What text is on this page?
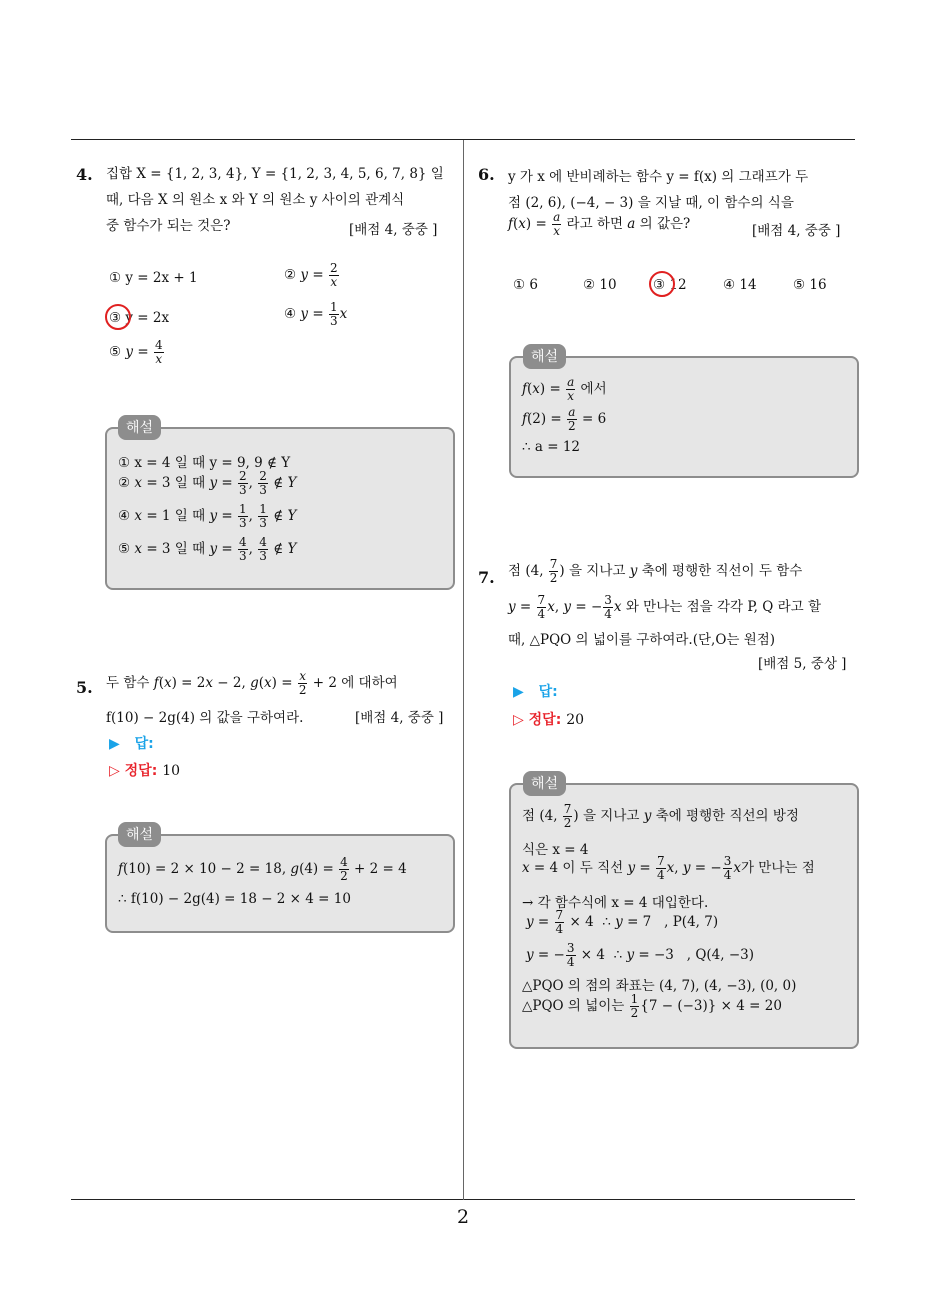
4. 집합 X = {1, 2, 3, 4}, Y = {1, 2, 3, 4, 5, 6, 7, 8} 일
때, 다음 X 의 원소 x 와 Y 의 원소 y 사이의 관계식
중 함수가 되는 것은?	[배점 4, 중중 ]
① y = 2x + 1	② $y = \frac{2}{x}$
③ y = 2x	④ $y = \frac{1}{3}$ x
⑤ $y = \frac{4}{x}$
해설
① x = 4 일 때 y = 9, 9 ∉ Y
② x = 3 일 때 $y = \frac{2}{3}$ , $\frac{2}{3}$ ∉ Y
④ x = 1 일 때 $y = \frac{1}{3}$ , $\frac{1}{3}$ ∉ Y
⑤ x = 3 일 때 $y = \frac{4}{3}$ , $\frac{4}{3}$ ∉ Y
5. 두 함수 f(x) = 2x − 2, $g(x) = \frac{x}{2} + 2$ 에 대하여
f(10) − 2g(4) 의 값을 구하여라.	[배점 4, 중중 ]
▶ 답:
▷ 정답: 10
해설
f(10) = 2 × 10 − 2 = 18, $g(4) = \frac{4}{2} + 2 = 4$
∴ f(10) − 2g(4) = 18 − 2 × 4 = 10
6. y 가 x 에 반비례하는 함수 y = f(x) 의 그래프가 두
점 (2, 6), (−4, − 3) 을 지날 때, 이 함수의 식을
$f(x) = \frac{a}{x}$ 라고 하면 a 의 값은?	[배점 4, 중중 ]
① 6	② 10	③ 12	④ 14	⑤ 16
해설
$f(x) = \frac{a}{x}$ 에서
$f(2) = \frac{a}{2} = 6$
∴ a = 12
7. 점 (4, $\frac{7}{2}$ ) 을 지나고 y 축에 평행한 직선이 두 함수
$y = \frac{7}{4} x$, y = − $\frac{3}{4}$ x 와 만나는 점을 각각 P, Q 라고 할
때, △PQO 의 넓이를 구하여라.(단,O는 원점)
[배점 5, 중상 ]
▶ 답:
▷ 정답: 20
해설
점 (4, $\frac{7}{2}$ ) 을 지나고 y 축에 평행한 직선의 방정
식은 x = 4
x = 4 이 두 직선 $y = \frac{7}{4} x$, y = − $\frac{3}{4}$ x가 만나는 점
→ 각 함수식에 x = 4 대입한다.
$y = \frac{7}{4} \times 4$  ∴ y = 7   , P(4, 7)
y = − $\frac{3}{4} \times 4$  ∴ y = −3   , Q(4, −3)
△PQO 의 점의 좌표는 (4, 7), (4, −3), (0, 0)
△PQO 의 넓이는 $\frac{1}{2} \{7 - (-3)\} \times 4 = 20$
2
